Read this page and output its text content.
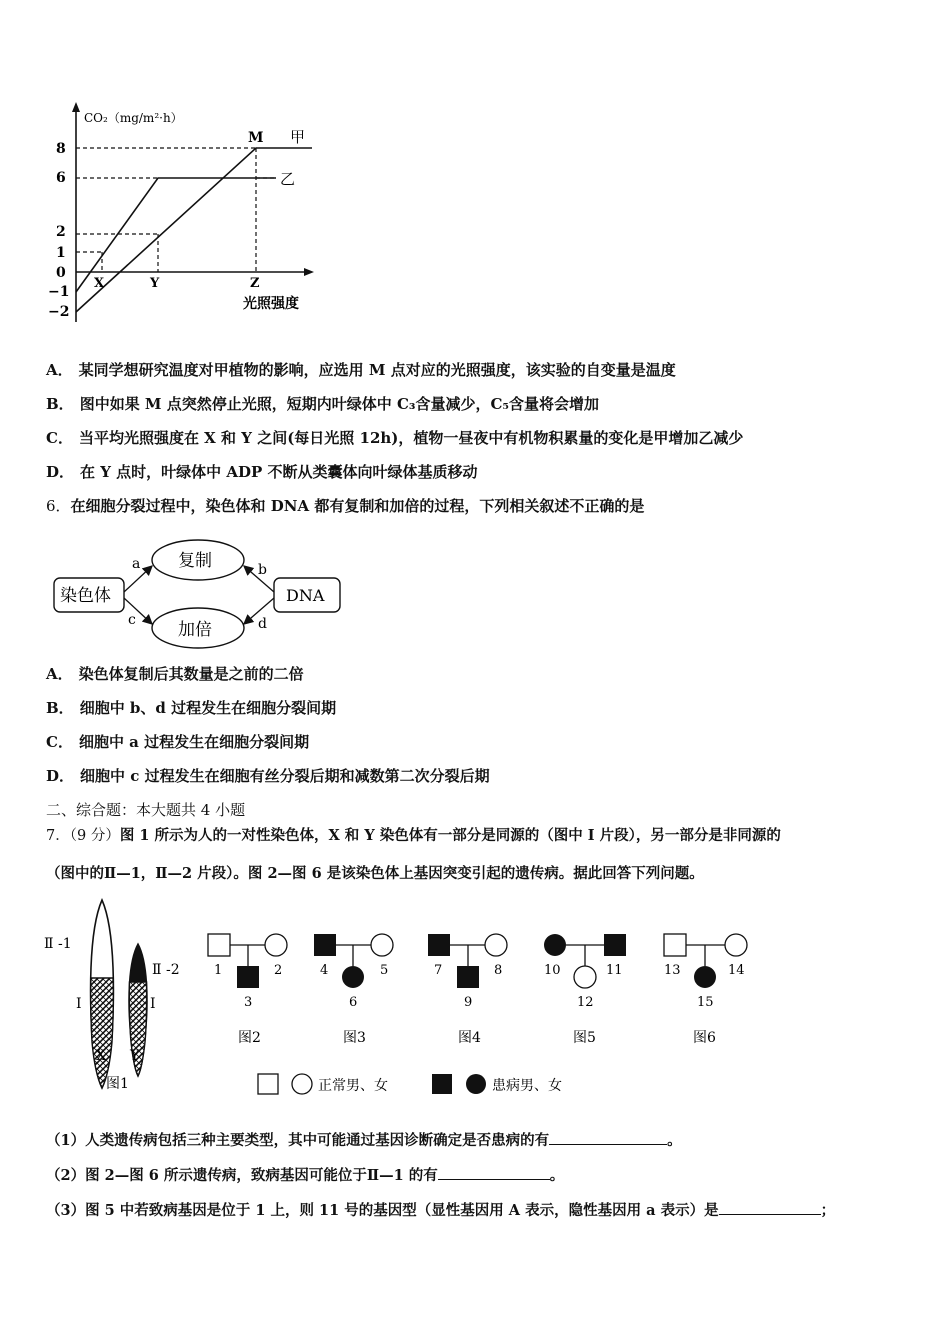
CO₂（mg/m²·h）
光照强度
8
6
2
1
0
−1
−2
M 甲
乙
X	Y	Z
A． 某同学想研究温度对甲植物的影响，应选用 M 点对应的光照强度，该实验的自变量是温度
B． 图中如果 M 点突然停止光照，短期内叶绿体中 C₃含量减少，C₅含量将会增加
C． 当平均光照强度在 X 和 Y 之间(每日光照 12h)，植物一昼夜中有机物积累量的变化是甲增加乙减少
D． 在 Y 点时，叶绿体中 ADP 不断从类囊体向叶绿体基质移动
6．在细胞分裂过程中，染色体和 DNA 都有复制和加倍的过程，下列相关叙述不正确的是
染色体	DNA
复制
加倍
a	b
c	d
A． 染色体复制后其数量是之前的二倍
B． 细胞中 b、d 过程发生在细胞分裂间期
C． 细胞中 a 过程发生在细胞分裂间期
D． 细胞中 c 过程发生在细胞有丝分裂后期和减数第二次分裂后期
二、综合题：本大题共 4 小题
7．（9 分）图 1 所示为人的一对性染色体，X 和 Y 染色体有一部分是同源的（图中 Ⅰ 片段），另一部分是非同源的
（图中的Ⅱ—1，Ⅱ—2 片段）。图 2—图 6 是该染色体上基因突变引起的遗传病。据此回答下列问题。
Ⅱ -1
Ⅱ -2
Ⅰ	Ⅰ
X Y
图1
1	2
3
图2
4	5
6
图3
7	8
9
图4
10	11
12
图5
13	14
15
图6
正常男、女	患病男、女
（1）人类遗传病包括三种主要类型，其中可能通过基因诊断确定是否患病的有	。
（2）图 2—图 6 所示遗传病，致病基因可能位于Ⅱ—1 的有	。
（3）图 5 中若致病基因是位于 1 上，则 11 号的基因型（显性基因用 A 表示，隐性基因用 a 表示）是	；
